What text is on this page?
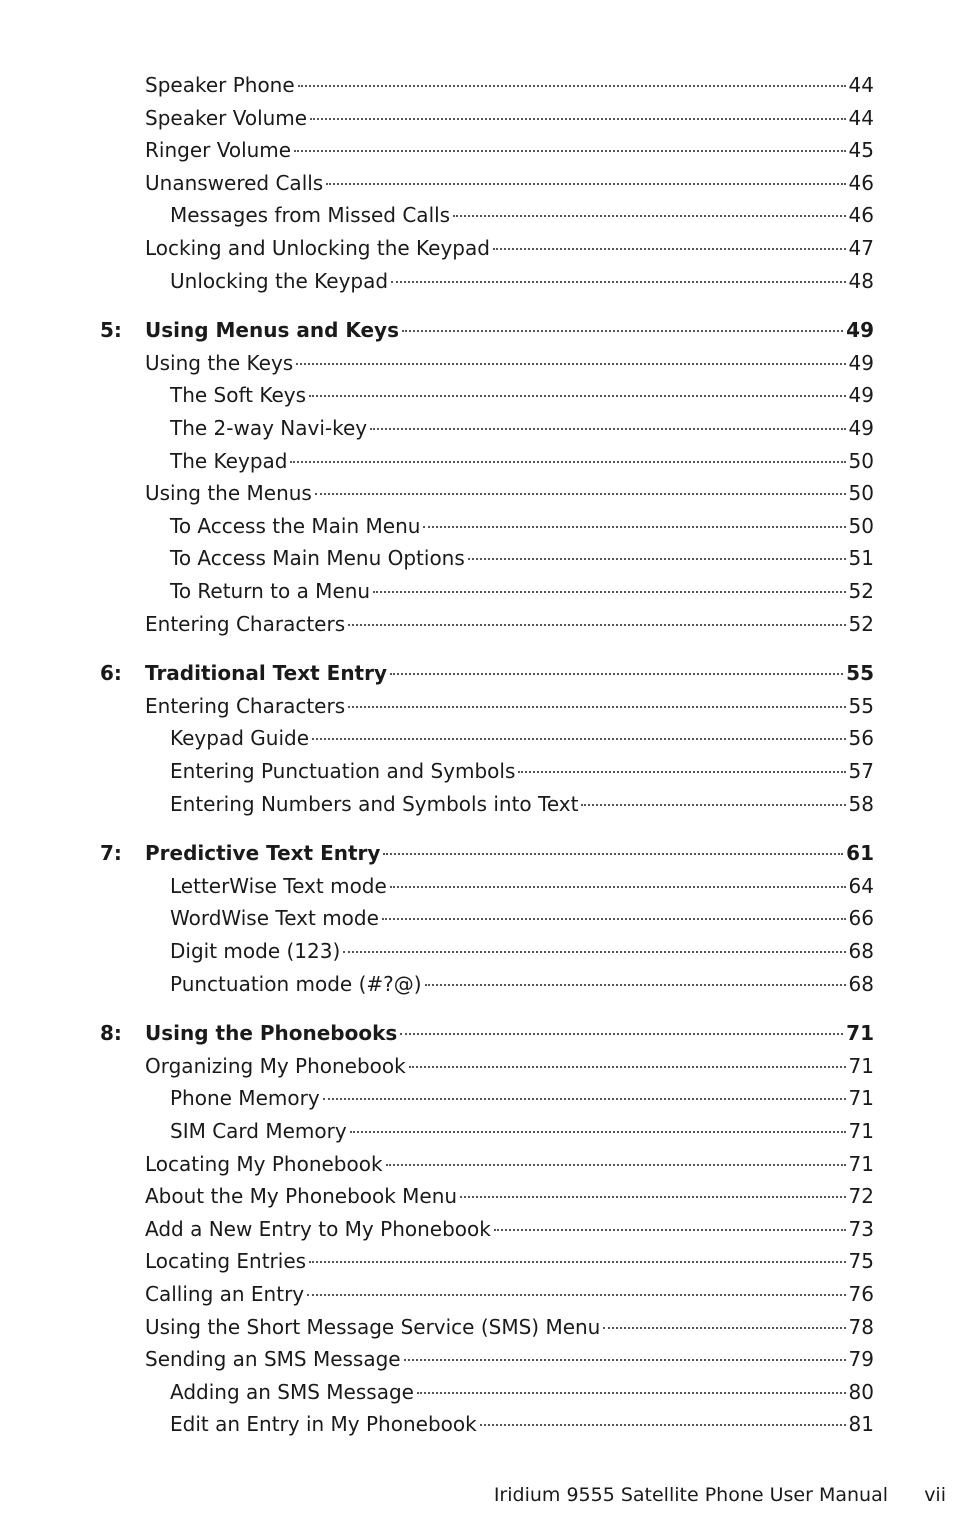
Speaker Phone	44
Speaker Volume	44
Ringer Volume	45
Unanswered Calls	46
Messages from Missed Calls	46
Locking and Unlocking the Keypad	47
Unlocking the Keypad	48
5: Using Menus and Keys	49
Using the Keys	49
The Soft Keys	49
The 2-way Navi-key	49
The Keypad	50
Using the Menus	50
To Access the Main Menu	50
To Access Main Menu Options	51
To Return to a Menu	52
Entering Characters	52
6: Traditional Text Entry	55
Entering Characters	55
Keypad Guide	56
Entering Punctuation and Symbols	57
Entering Numbers and Symbols into Text	58
7: Predictive Text Entry	61
LetterWise Text mode	64
WordWise Text mode	66
Digit mode (123)	68
Punctuation mode (#?@)	68
8: Using the Phonebooks	71
Organizing My Phonebook	71
Phone Memory	71
SIM Card Memory	71
Locating My Phonebook	71
About the My Phonebook Menu	72
Add a New Entry to My Phonebook	73
Locating Entries	75
Calling an Entry	76
Using the Short Message Service (SMS) Menu	78
Sending an SMS Message	79
Adding an SMS Message	80
Edit an Entry in My Phonebook	81
Iridium 9555 Satellite Phone User Manual vii
